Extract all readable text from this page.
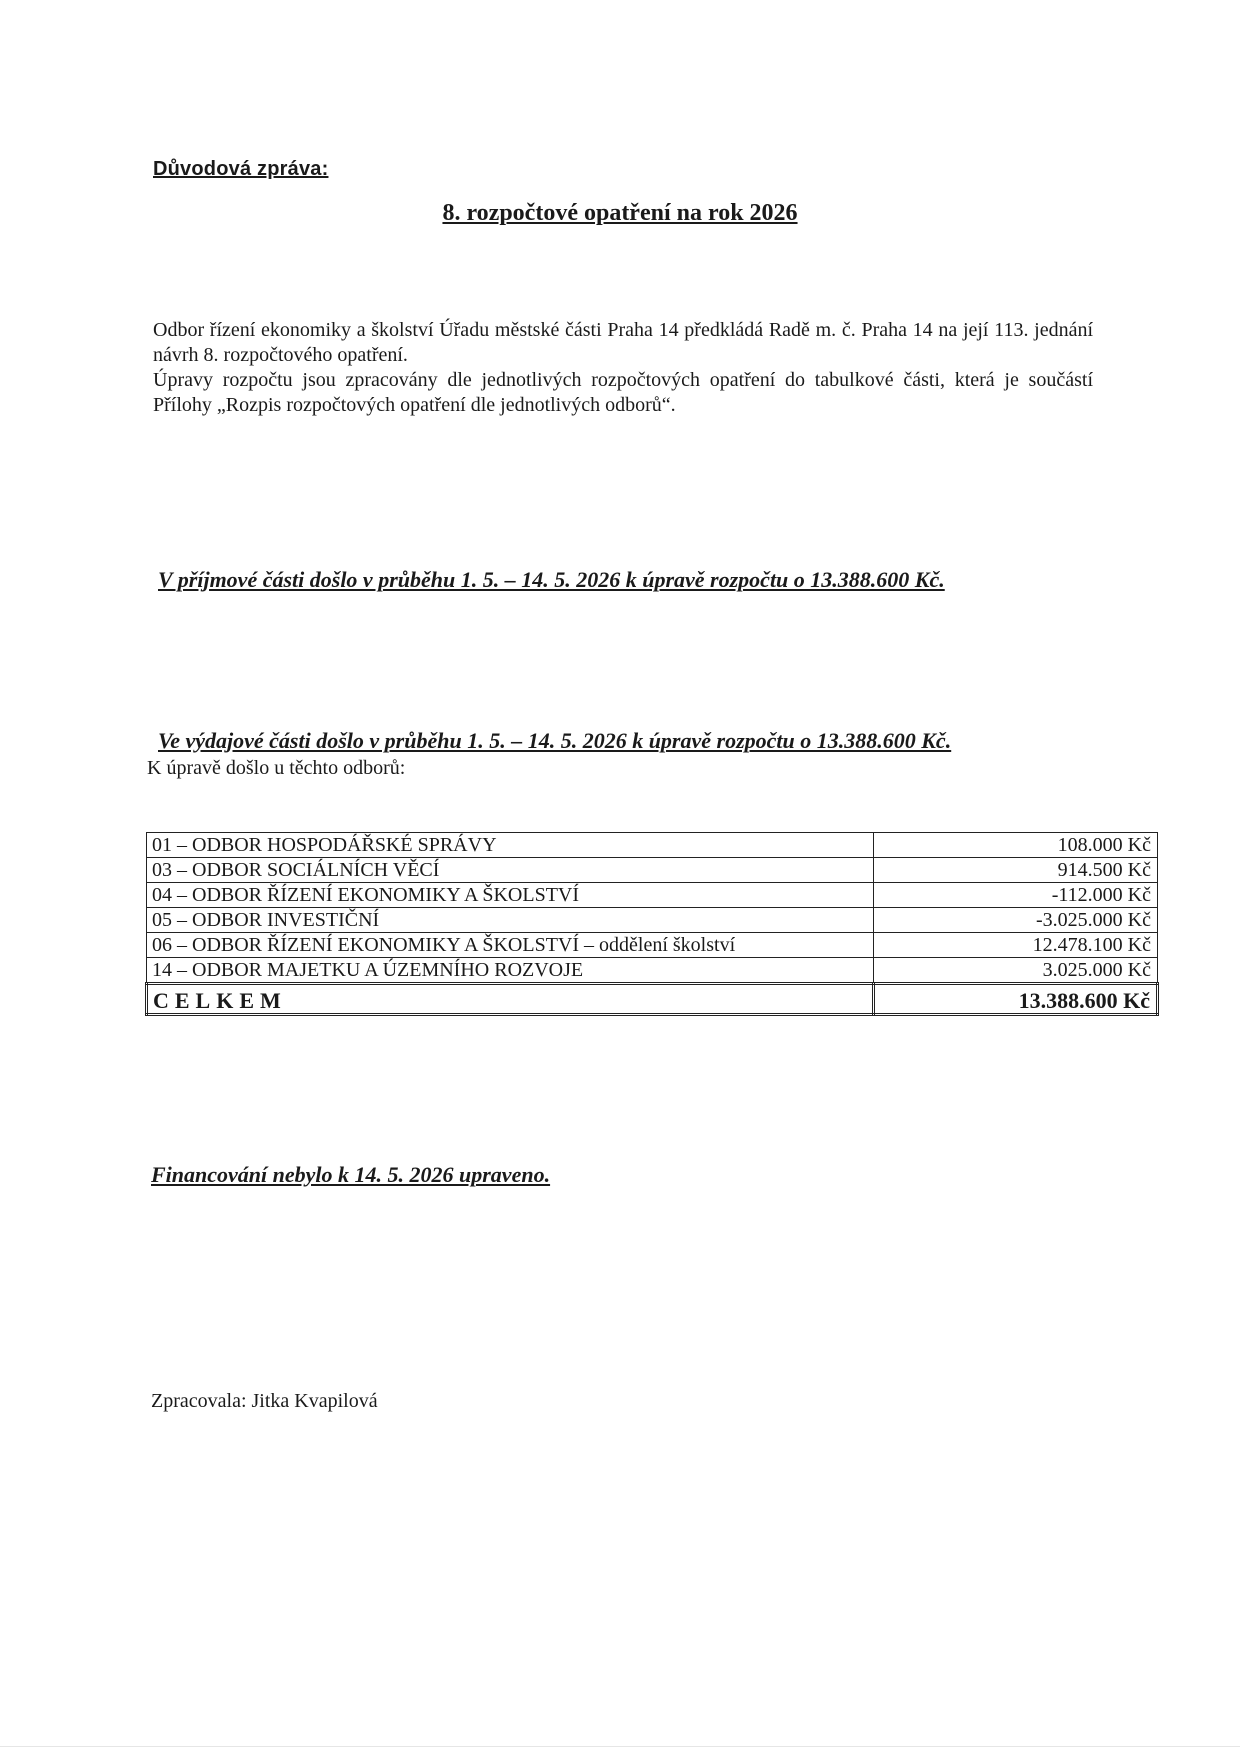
Důvodová zpráva:
8. rozpočtové opatření na rok 2026

Odbor řízení ekonomiky a školství Úřadu městské části Praha 14 předkládá Radě m. č. Praha 14 na její 113. jednání návrh 8. rozpočtového opatření.

Úpravy rozpočtu jsou zpracovány dle jednotlivých rozpočtových opatření do tabulkové části, která je součástí Přílohy „Rozpis rozpočtových opatření dle jednotlivých odborů“.

V příjmové části došlo v průběhu 1. 5. – 14. 5. 2026 k úpravě rozpočtu o 13.388.600 Kč.
Ve výdajové části došlo v průběhu 1. 5. – 14. 5. 2026 k úpravě rozpočtu o 13.388.600 Kč.
K úpravě došlo u těchto odborů:
01 – ODBOR HOSPODÁŘSKÉ SPRÁVY	108.000 Kč
03 – ODBOR SOCIÁLNÍCH VĚCÍ	914.500 Kč
04 – ODBOR ŘÍZENÍ EKONOMIKY A ŠKOLSTVÍ	-112.000 Kč
05 – ODBOR INVESTIČNÍ	-3.025.000 Kč
06 – ODBOR ŘÍZENÍ EKONOMIKY A ŠKOLSTVÍ – oddělení školství	12.478.100 Kč
14 – ODBOR MAJETKU A ÚZEMNÍHO ROZVOJE	3.025.000 Kč
CELKEM	13.388.600 Kč
Financování nebylo k 14. 5. 2026 upraveno.
Zpracovala: Jitka Kvapilová
